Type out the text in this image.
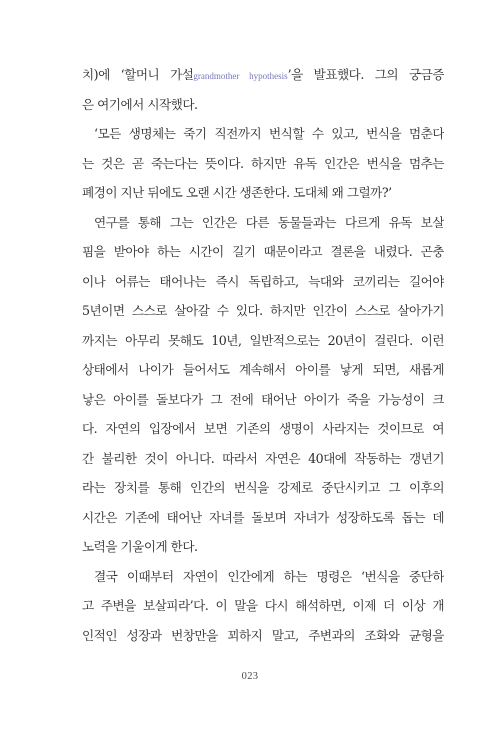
치)에 ‘할머니 가설grandmother hypothesis’을 발표했다. 그의 궁금증
은 여기에서 시작했다.
‘모든 생명체는 죽기 직전까지 번식할 수 있고, 번식을 멈춘다
는 것은 곧 죽는다는 뜻이다. 하지만 유독 인간은 번식을 멈추는
폐경이 지난 뒤에도 오랜 시간 생존한다. 도대체 왜 그럴까?’
연구를 통해 그는 인간은 다른 동물들과는 다르게 유독 보살
핌을 받아야 하는 시간이 길기 때문이라고 결론을 내렸다. 곤충
이나 어류는 태어나는 즉시 독립하고, 늑대와 코끼리는 길어야
5년이면 스스로 살아갈 수 있다. 하지만 인간이 스스로 살아가기
까지는 아무리 못해도 10년, 일반적으로는 20년이 걸린다. 이런
상태에서 나이가 들어서도 계속해서 아이를 낳게 되면, 새롭게
낳은 아이를 돌보다가 그 전에 태어난 아이가 죽을 가능성이 크
다. 자연의 입장에서 보면 기존의 생명이 사라지는 것이므로 여
간 불리한 것이 아니다. 따라서 자연은 40대에 작동하는 갱년기
라는 장치를 통해 인간의 번식을 강제로 중단시키고 그 이후의
시간은 기존에 태어난 자녀를 돌보며 자녀가 성장하도록 돕는 데
노력을 기울이게 한다.
결국 이때부터 자연이 인간에게 하는 명령은 ‘번식을 중단하
고 주변을 보살피라’다. 이 말을 다시 해석하면, 이제 더 이상 개
인적인 성장과 번창만을 꾀하지 말고, 주변과의 조화와 균형을
023
